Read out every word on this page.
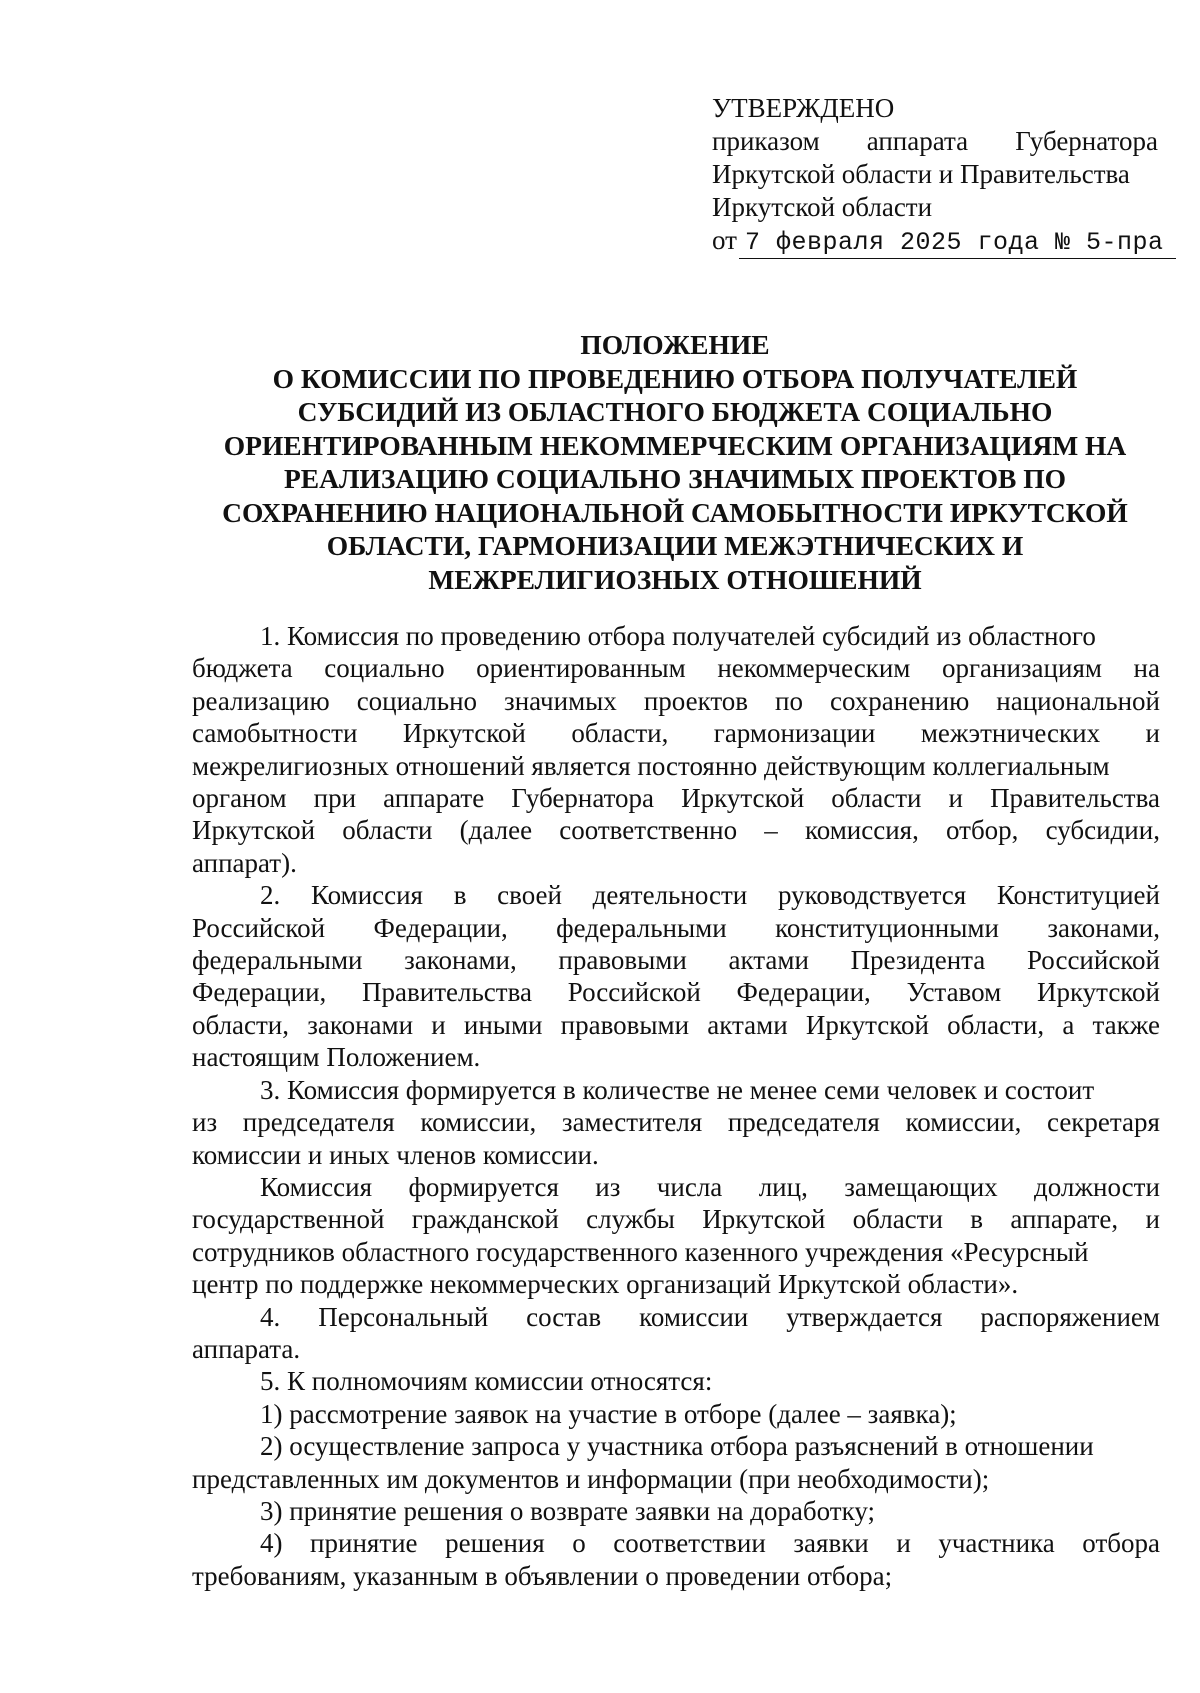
УТВЕРЖДЕНО
приказом аппарата Губернатора
Иркутской области и Правительства
Иркутской области
от 7 февраля 2025 года № 5-пра
ПОЛОЖЕНИЕ
О КОМИССИИ ПО ПРОВЕДЕНИЮ ОТБОРА ПОЛУЧАТЕЛЕЙ
СУБСИДИЙ ИЗ ОБЛАСТНОГО БЮДЖЕТА СОЦИАЛЬНО
ОРИЕНТИРОВАННЫМ НЕКОММЕРЧЕСКИМ ОРГАНИЗАЦИЯМ НА
РЕАЛИЗАЦИЮ СОЦИАЛЬНО ЗНАЧИМЫХ ПРОЕКТОВ ПО
СОХРАНЕНИЮ НАЦИОНАЛЬНОЙ САМОБЫТНОСТИ ИРКУТСКОЙ
ОБЛАСТИ, ГАРМОНИЗАЦИИ МЕЖЭТНИЧЕСКИХ И
МЕЖРЕЛИГИОЗНЫХ ОТНОШЕНИЙ
1. Комиссия по проведению отбора получателей субсидий из областного
бюджета социально ориентированным некоммерческим организациям на
реализацию социально значимых проектов по сохранению национальной
самобытности Иркутской области, гармонизации межэтнических и
межрелигиозных отношений является постоянно действующим коллегиальным
органом при аппарате Губернатора Иркутской области и Правительства
Иркутской области (далее соответственно – комиссия, отбор, субсидии,
аппарат).
2. Комиссия в своей деятельности руководствуется Конституцией
Российской Федерации, федеральными конституционными законами,
федеральными законами, правовыми актами Президента Российской
Федерации, Правительства Российской Федерации, Уставом Иркутской
области, законами и иными правовыми актами Иркутской области, а также
настоящим Положением.
3. Комиссия формируется в количестве не менее семи человек и состоит
из председателя комиссии, заместителя председателя комиссии, секретаря
комиссии и иных членов комиссии.
Комиссия формируется из числа лиц, замещающих должности
государственной гражданской службы Иркутской области в аппарате, и
сотрудников областного государственного казенного учреждения «Ресурсный
центр по поддержке некоммерческих организаций Иркутской области».
4. Персональный состав комиссии утверждается распоряжением
аппарата.
5. К полномочиям комиссии относятся:
1) рассмотрение заявок на участие в отборе (далее – заявка);
2) осуществление запроса у участника отбора разъяснений в отношении
представленных им документов и информации (при необходимости);
3) принятие решения о возврате заявки на доработку;
4) принятие решения о соответствии заявки и участника отбора
требованиям, указанным в объявлении о проведении отбора;
